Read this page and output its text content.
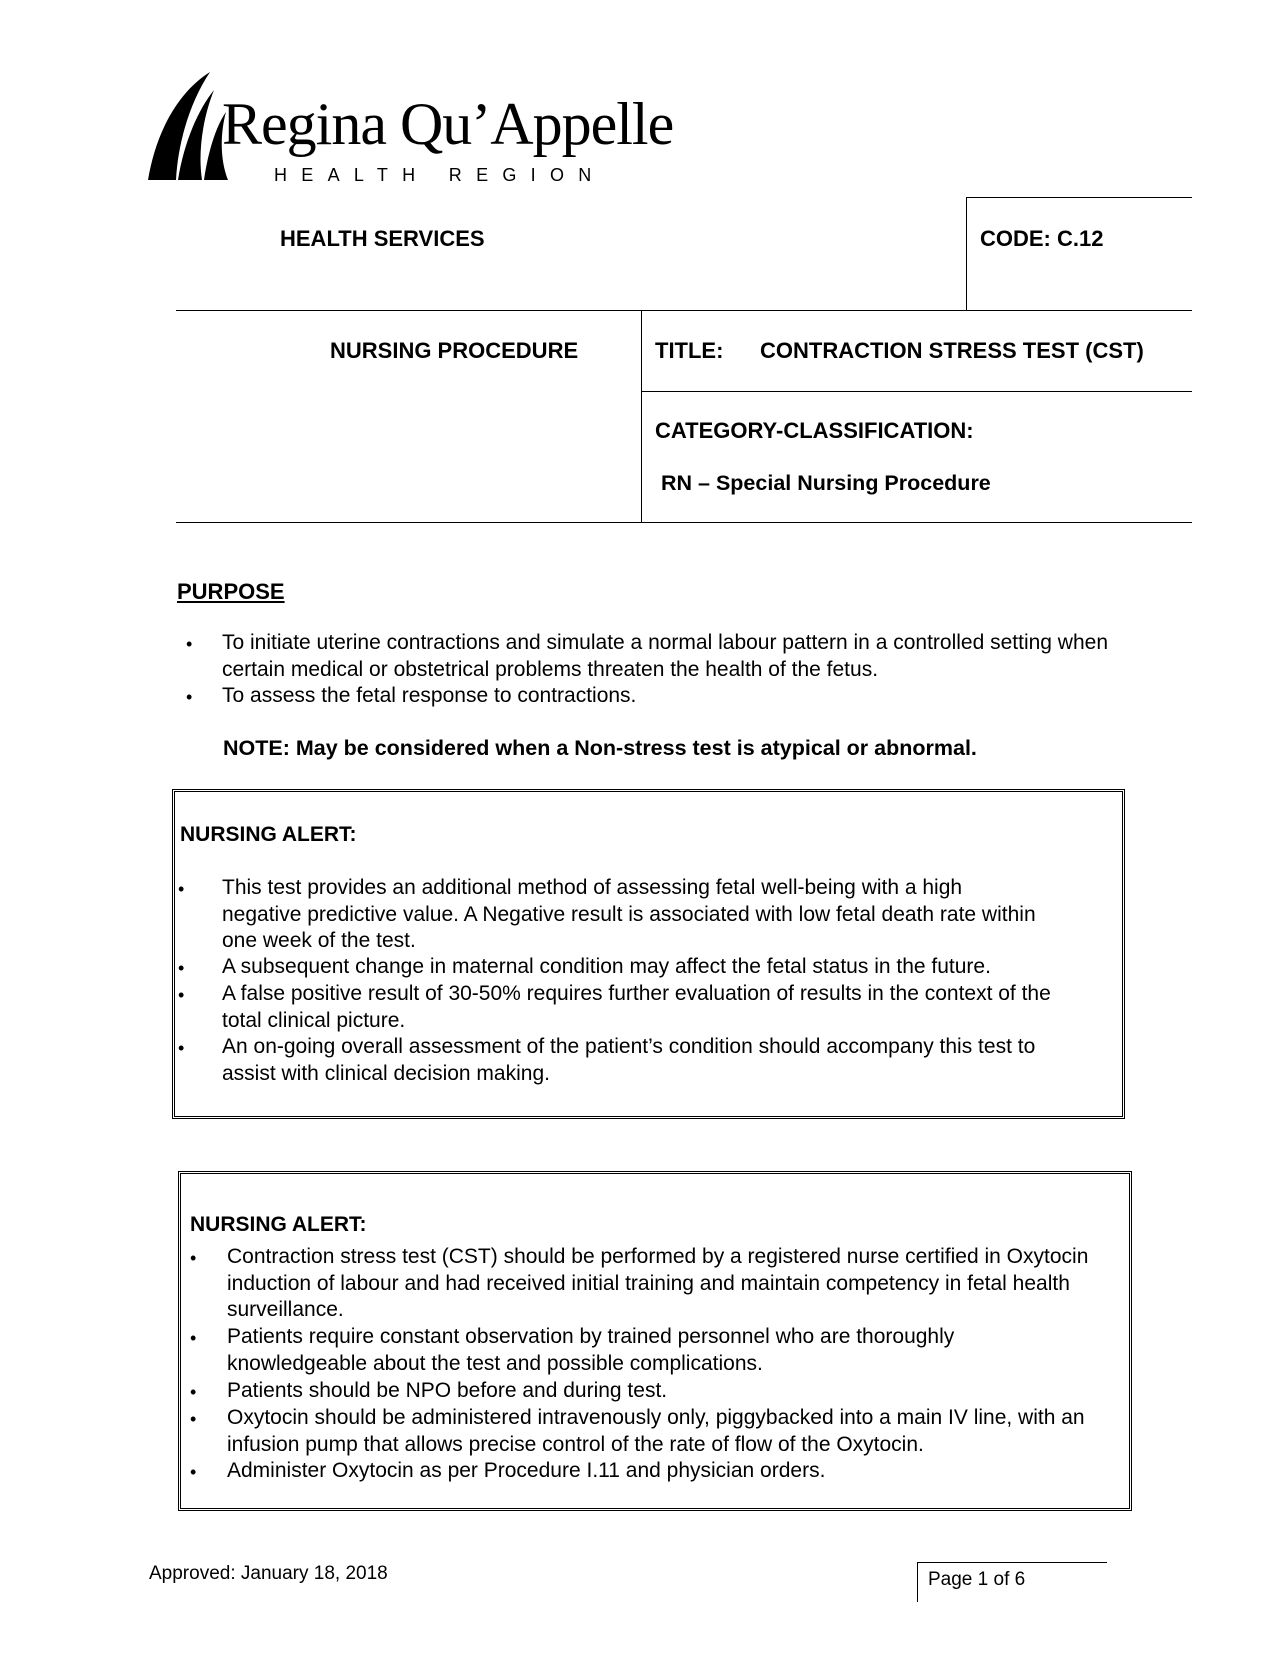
Regina Qu’Appelle
HEALTH REGION
HEALTH SERVICES	CODE: C.12
NURSING PROCEDURE	TITLE: CONTRACTION STRESS TEST (CST)
CATEGORY-CLASSIFICATION:
RN – Special Nursing Procedure
PURPOSE
• To initiate uterine contractions and simulate a normal labour pattern in a controlled setting when certain medical or obstetrical problems threaten the health of the fetus.
• To assess the fetal response to contractions.
NOTE: May be considered when a Non-stress test is atypical or abnormal.
NURSING ALERT:
• This test provides an additional method of assessing fetal well-being with a high negative predictive value. A Negative result is associated with low fetal death rate within one week of the test.
• A subsequent change in maternal condition may affect the fetal status in the future.
• A false positive result of 30-50% requires further evaluation of results in the context of the total clinical picture.
• An on-going overall assessment of the patient’s condition should accompany this test to assist with clinical decision making.
NURSING ALERT:
• Contraction stress test (CST) should be performed by a registered nurse certified in Oxytocin induction of labour and had received initial training and maintain competency in fetal health surveillance.
• Patients require constant observation by trained personnel who are thoroughly knowledgeable about the test and possible complications.
• Patients should be NPO before and during test.
• Oxytocin should be administered intravenously only, piggybacked into a main IV line, with an infusion pump that allows precise control of the rate of flow of the Oxytocin.
• Administer Oxytocin as per Procedure I.11 and physician orders.
Approved: January 18, 2018	Page 1 of 6
